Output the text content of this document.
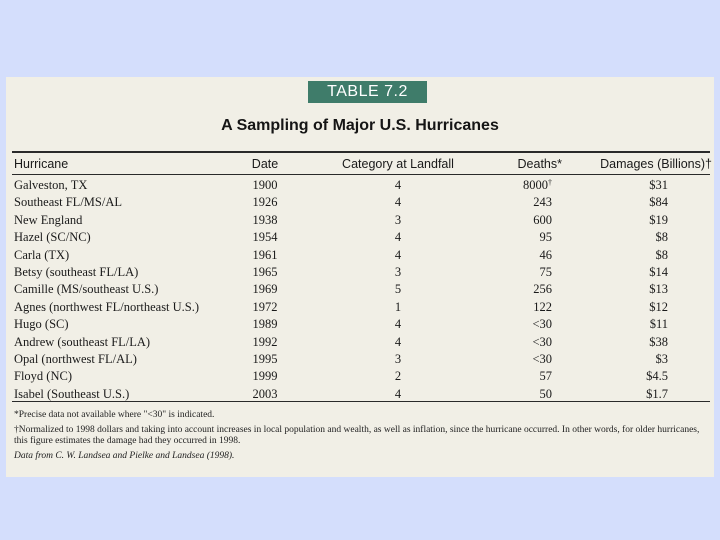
TABLE 7.2
A Sampling of Major U.S. Hurricanes
Hurricane	Date	Category at Landfall	Deaths*	Damages (Billions)†
Galveston, TX	1900	4	8000†	$31
Southeast FL/MS/AL	1926	4	243	$84
New England	1938	3	600	$19
Hazel (SC/NC)	1954	4	95	$8
Carla (TX)	1961	4	46	$8
Betsy (southeast FL/LA)	1965	3	75	$14
Camille (MS/southeast U.S.)	1969	5	256	$13
Agnes (northwest FL/northeast U.S.)	1972	1	122	$12
Hugo (SC)	1989	4	<30	$11
Andrew (southeast FL/LA)	1992	4	<30	$38
Opal (northwest FL/AL)	1995	3	<30	$3
Floyd (NC)	1999	2	57	$4.5
Isabel (Southeast U.S.)	2003	4	50	$1.7
*Precise data not available where "<30" is indicated.
†Normalized to 1998 dollars and taking into account increases in local population and wealth, as well as inflation, since the hurricane occurred. In other words, for older hurricanes, this figure estimates the damage had they occurred in 1998.
Data from C. W. Landsea and Pielke and Landsea (1998).
